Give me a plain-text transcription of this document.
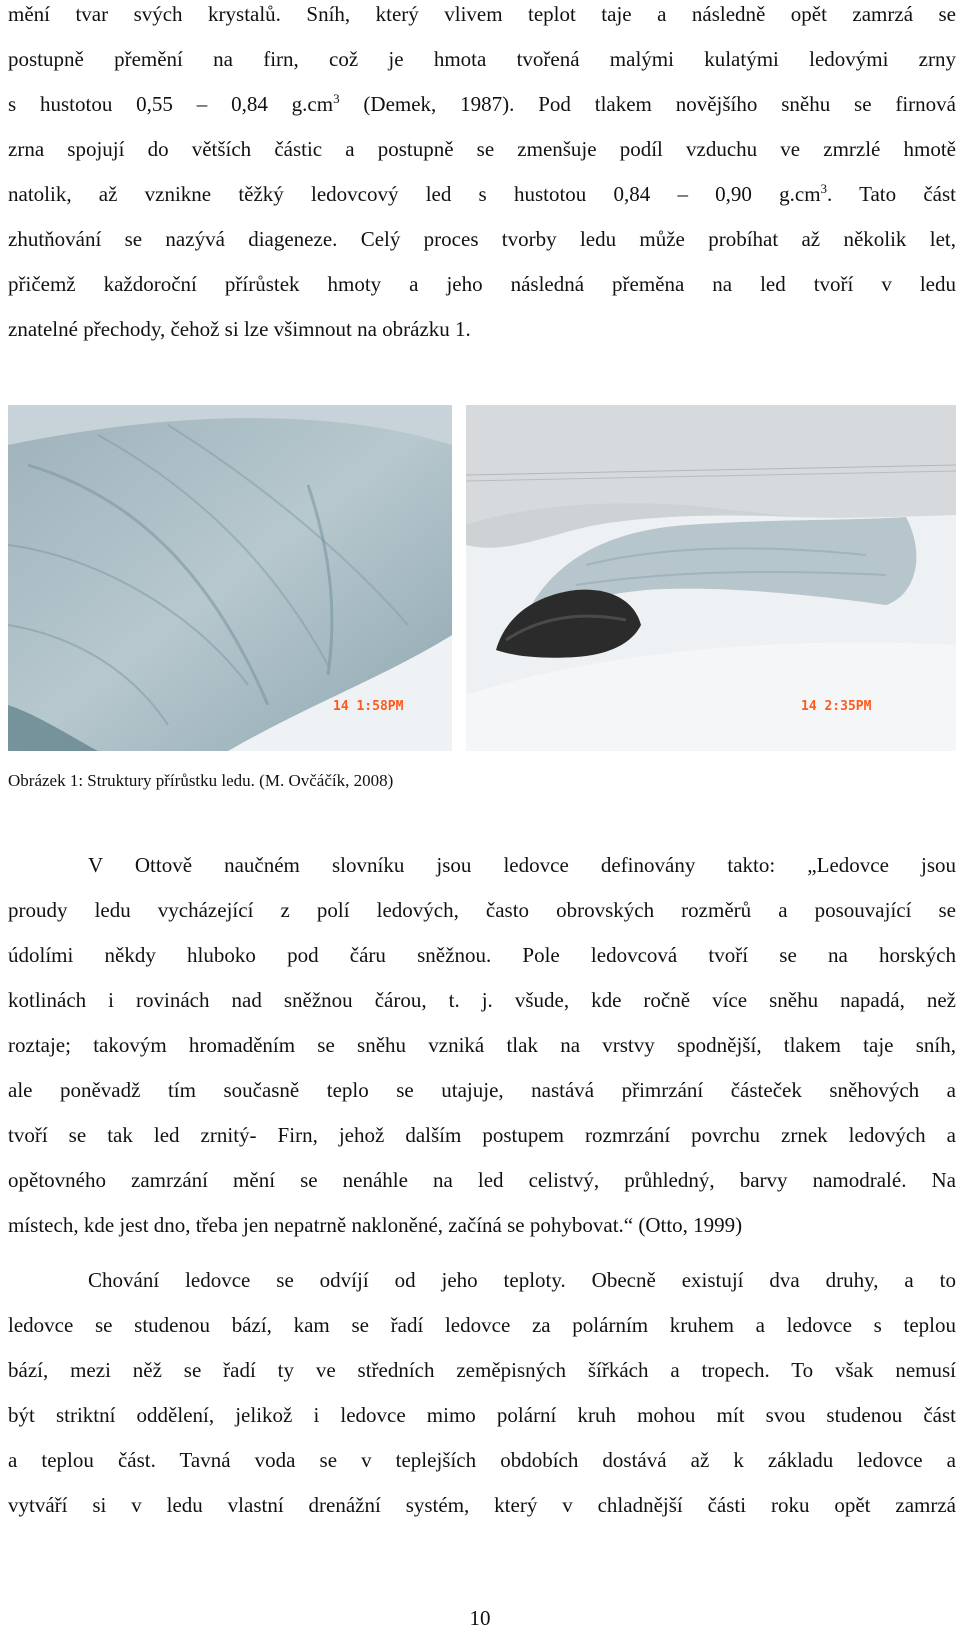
mění tvar svých krystalů. Sníh, který vlivem teplot taje a následně opět zamrzá se
postupně přemění na firn, což je hmota tvořená malými kulatými ledovými zrny
s hustotou 0,55 – 0,84 $g.cm^3$ (Demek, 1987). Pod tlakem novějšího sněhu se firnová
zrna spojují do větších částic a postupně se zmenšuje podíl vzduchu ve zmrzlé hmotě
natolik, až vznikne těžký ledovcový led s hustotou 0,84 – 0,90 $g.cm^3$. Tato část
zhutňování se nazývá diageneze. Celý proces tvorby ledu může probíhat až několik let,
přičemž každoroční přírůstek hmoty a jeho následná přeměna na led tvoří v ledu
znatelné přechody, čehož si lze všimnout na obrázku 1.
14 1:58PM	14 2:35PM
Obrázek 1: Struktury přírůstku ledu. (M. Ovčáčík, 2008)
V Ottově naučném slovníku jsou ledovce definovány takto: „Ledovce jsou
proudy ledu vycházející z polí ledových, často obrovských rozměrů a posouvající se
údolími někdy hluboko pod čáru sněžnou. Pole ledovcová tvoří se na horských
kotlinách i rovinách nad sněžnou čárou, t. j. všude, kde ročně více sněhu napadá, než
roztaje; takovým hromaděním se sněhu vzniká tlak na vrstvy spodnější, tlakem taje sníh,
ale poněvadž tím současně teplo se utajuje, nastává přimrzání částeček sněhových a
tvoří se tak led zrnitý- Firn, jehož dalším postupem rozmrzání povrchu zrnek ledových a
opětovného zamrzání mění se nenáhle na led celistvý, průhledný, barvy namodralé. Na
místech, kde jest dno, třeba jen nepatrně nakloněné, začíná se pohybovat.“ (Otto, 1999)
Chování ledovce se odvíjí od jeho teploty. Obecně existují dva druhy, a to
ledovce se studenou bází, kam se řadí ledovce za polárním kruhem a ledovce s teplou
bází, mezi něž se řadí ty ve středních zeměpisných šířkách a tropech. To však nemusí
být striktní oddělení, jelikož i ledovce mimo polární kruh mohou mít svou studenou část
a teplou část. Tavná voda se v teplejších obdobích dostává až k základu ledovce a
vytváří si v ledu vlastní drenážní systém, který v chladnější části roku opět zamrzá
10
